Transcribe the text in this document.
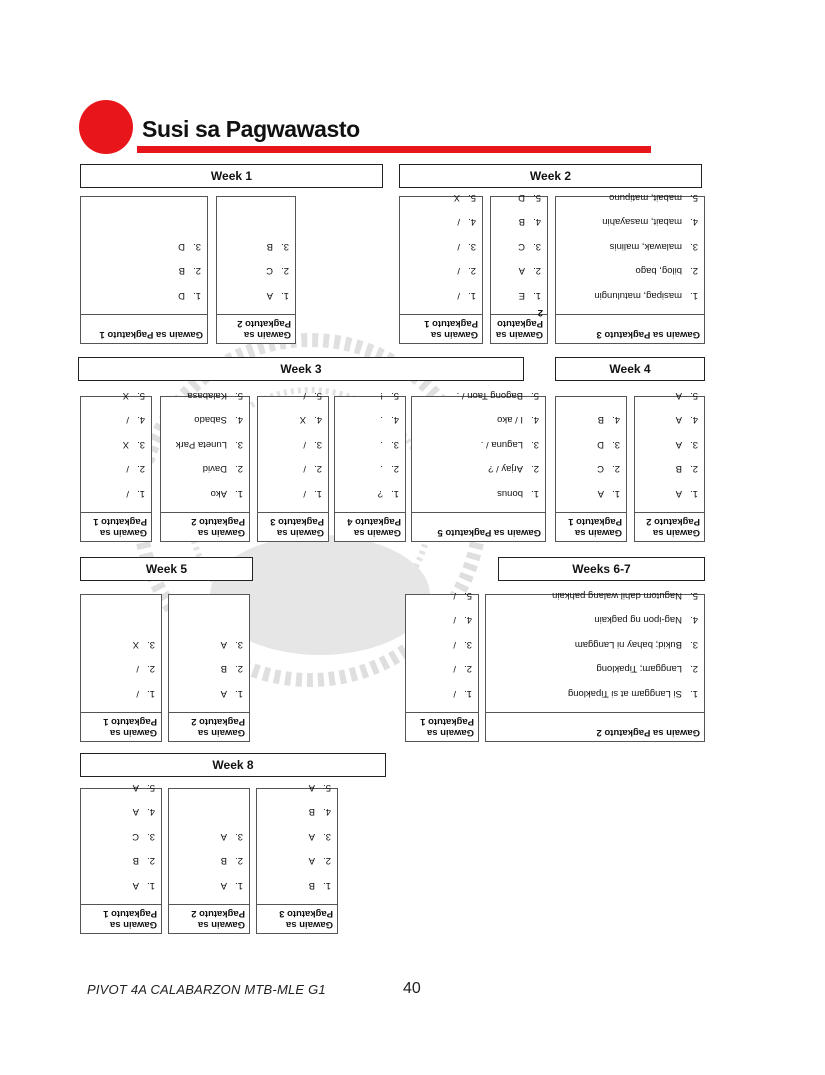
Susi sa Pagwawasto
Week 1	Week 2
Week 3	Week 4
Week 5	Weeks 6-7
Week 8
Gawain sa Pagkatuto 1
1.D
2.B
3.D
Gawain sa Pagkatuto 2
1.A
2.C
3.B
Gawain sa Pagkatuto 1
1./
2./
3./
4./
5.X
Gawain sa Pagkatuto 2
1.E
2.A
3.C
4.B
5.D
Gawain sa Pagkatuto 3
1.masipag, matulungin
2.bilog, bago
3.malawak, malinis
4.mabait, masayahin
5.mabait, matipuno
Gawain sa Pagkatuto 1
1./
2./
3.X
4./
5.X
Gawain sa Pagkatuto 2
1.Ako
2.David
3.Luneta Park
4.Sabado
5.Kalabasa
Gawain sa Pagkatuto 3
1./
2./
3./
4.X
5./
Gawain sa Pagkatuto 4
1.?
2..
3..
4..
5.!
Gawain sa Pagkatuto 5
1.bonus
2.Arjay / ?
3.Laguna / .
4.I / ako
5.Bagong Taon / .
Gawain sa Pagkatuto 1
1.A
2.C
3.D
4.B
Gawain sa Pagkatuto 2
1.A
2.B
3.A
4.A
5.A
Gawain sa Pagkatuto 1
1./
2./
3.X
Gawain sa Pagkatuto 2
1.A
2.B
3.A
Gawain sa Pagkatuto 1
1./
2./
3./
4./
5./
Gawain sa Pagkatuto 2
1.Si Langgam at si Tipaklong
2.Langgam; Tipaklong
3.Bukid; bahay ni Langgam
4.Nag-ipon ng pagkain
5.Nagutom dahil walang pahkain
Gawain sa Pagkatuto 1
1.A
2.B
3.C
4.A
5.A
Gawain sa Pagkatuto 2
1.A
2.B
3.A
Gawain sa Pagkatuto 3
1.B
2.A
3.A
4.B
5.A
PIVOT 4A CALABARZON MTB-MLE G1	40
